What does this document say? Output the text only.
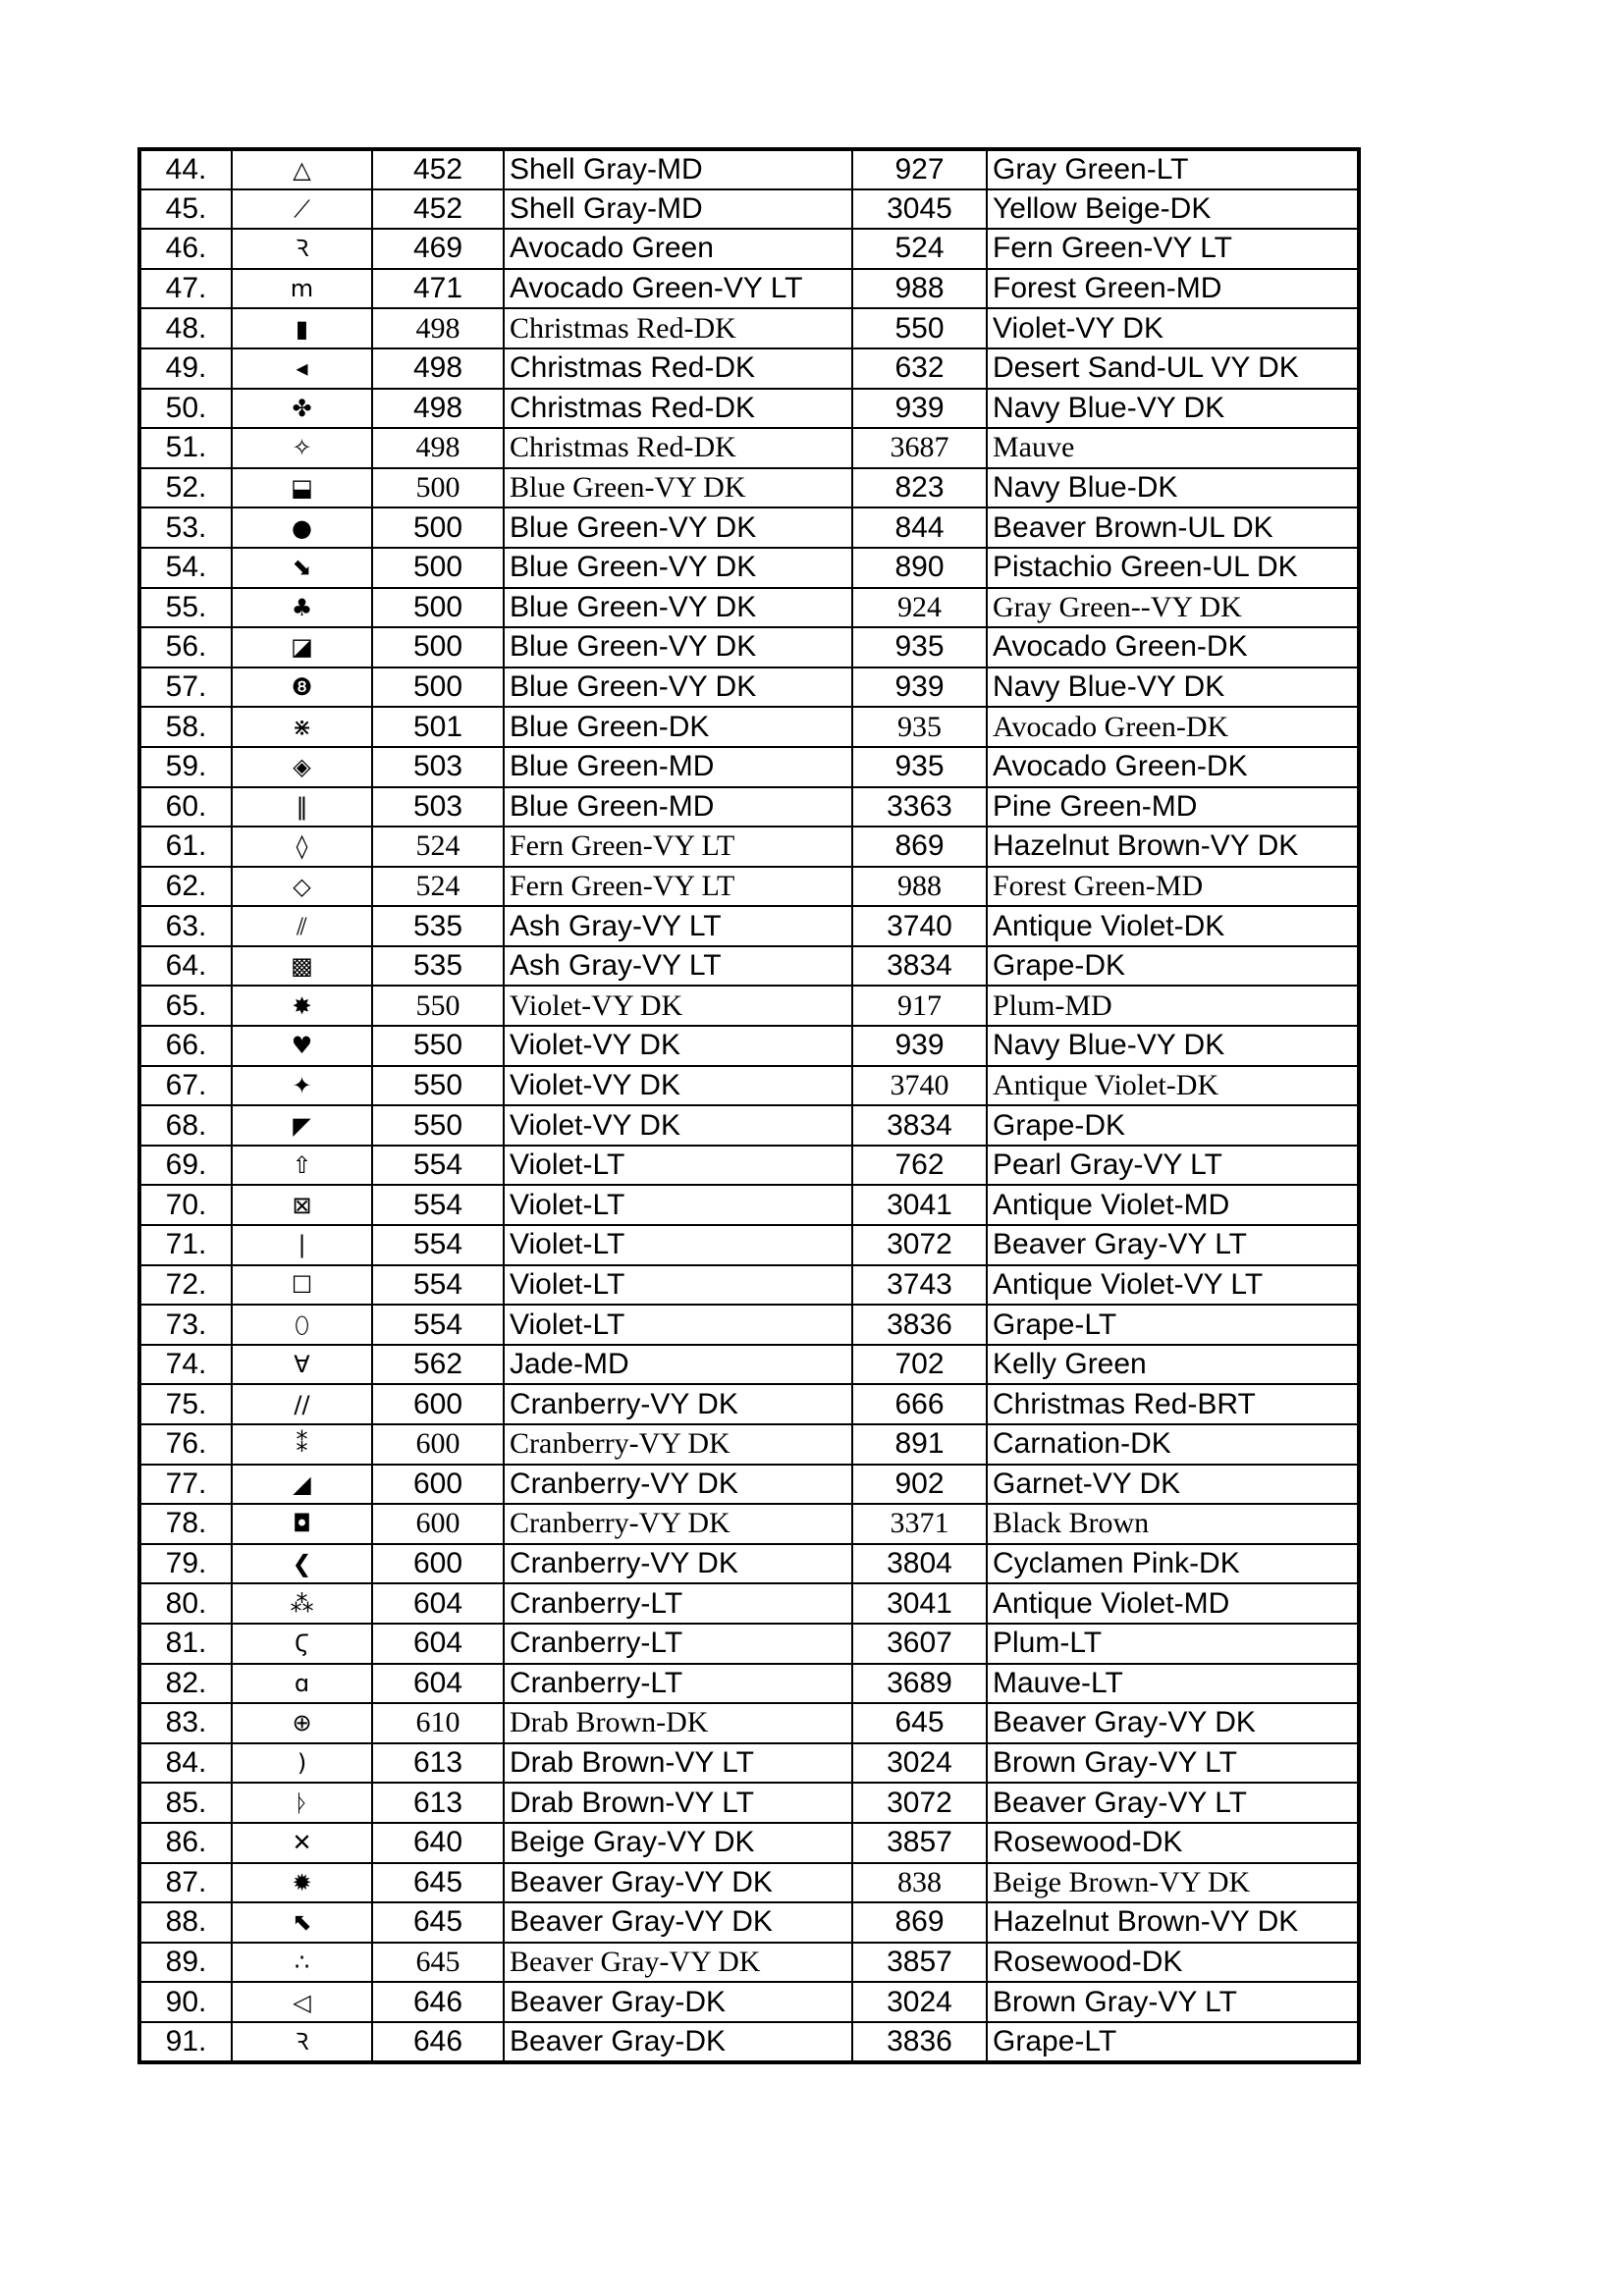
44.	△	452	Shell Gray-MD	927	Gray Green-LT
45.	⟋	452	Shell Gray-MD	3045	Yellow Beige-DK
46.	Ꝛ	469	Avocado Green	524	Fern Green-VY LT
47.	m	471	Avocado Green-VY LT	988	Forest Green-MD
48.	▮	498	Christmas Red-DK	550	Violet-VY DK
49.	◂	498	Christmas Red-DK	632	Desert Sand-UL VY DK
50.	✤	498	Christmas Red-DK	939	Navy Blue-VY DK
51.	✧	498	Christmas Red-DK	3687	Mauve
52.	⬓	500	Blue Green-VY DK	823	Navy Blue-DK
53.	●	500	Blue Green-VY DK	844	Beaver Brown-UL DK
54.	⬊	500	Blue Green-VY DK	890	Pistachio Green-UL DK
55.	♣	500	Blue Green-VY DK	924	Gray Green--VY DK
56.	◪	500	Blue Green-VY DK	935	Avocado Green-DK
57.	❽	500	Blue Green-VY DK	939	Navy Blue-VY DK
58.	⋇	501	Blue Green-DK	935	Avocado Green-DK
59.	◈	503	Blue Green-MD	935	Avocado Green-DK
60.	‖	503	Blue Green-MD	3363	Pine Green-MD
61.	◊	524	Fern Green-VY LT	869	Hazelnut Brown-VY DK
62.	◇	524	Fern Green-VY LT	988	Forest Green-MD
63.	⫽	535	Ash Gray-VY LT	3740	Antique Violet-DK
64.	▩	535	Ash Gray-VY LT	3834	Grape-DK
65.	✸	550	Violet-VY DK	917	Plum-MD
66.	♥	550	Violet-VY DK	939	Navy Blue-VY DK
67.	✦	550	Violet-VY DK	3740	Antique Violet-DK
68.	◤	550	Violet-VY DK	3834	Grape-DK
69.	⇧	554	Violet-LT	762	Pearl Gray-VY LT
70.	⊠	554	Violet-LT	3041	Antique Violet-MD
71.	|	554	Violet-LT	3072	Beaver Gray-VY LT
72.	☐	554	Violet-LT	3743	Antique Violet-VY LT
73.	⬯	554	Violet-LT	3836	Grape-LT
74.	∀	562	Jade-MD	702	Kelly Green
75.	//	600	Cranberry-VY DK	666	Christmas Red-BRT
76.	⁑	600	Cranberry-VY DK	891	Carnation-DK
77.	◢	600	Cranberry-VY DK	902	Garnet-VY DK
78.	◘	600	Cranberry-VY DK	3371	Black Brown
79.	❮	600	Cranberry-VY DK	3804	Cyclamen Pink-DK
80.	⁂	604	Cranberry-LT	3041	Antique Violet-MD
81.	Ϛ	604	Cranberry-LT	3607	Plum-LT
82.	ɑ	604	Cranberry-LT	3689	Mauve-LT
83.	⊕	610	Drab Brown-DK	645	Beaver Gray-VY DK
84.	)	613	Drab Brown-VY LT	3024	Brown Gray-VY LT
85.	ᚦ	613	Drab Brown-VY LT	3072	Beaver Gray-VY LT
86.	✕	640	Beige Gray-VY DK	3857	Rosewood-DK
87.	✹	645	Beaver Gray-VY DK	838	Beige Brown-VY DK
88.	⬉	645	Beaver Gray-VY DK	869	Hazelnut Brown-VY DK
89.	∴	645	Beaver Gray-VY DK	3857	Rosewood-DK
90.	◁	646	Beaver Gray-DK	3024	Brown Gray-VY LT
91.	Ꝛ	646	Beaver Gray-DK	3836	Grape-LT
